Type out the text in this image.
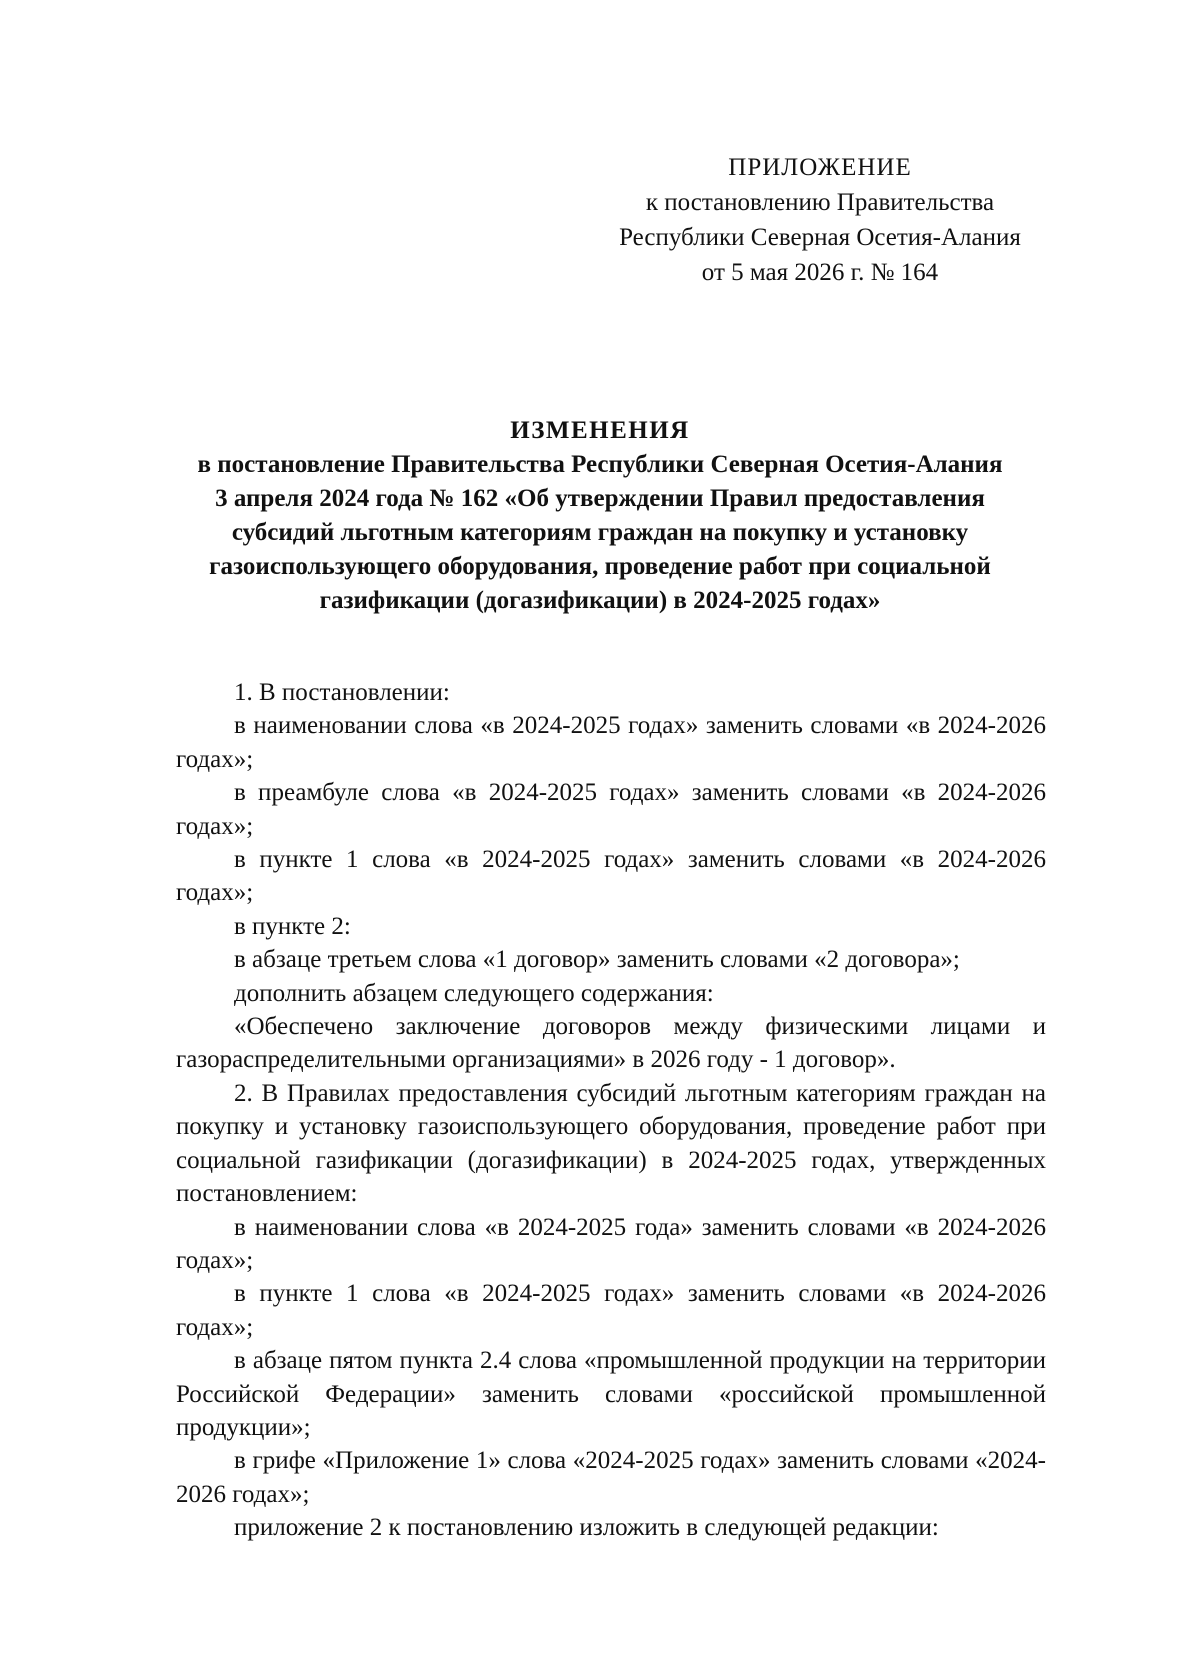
ПРИЛОЖЕНИЕ
к постановлению Правительства
Республики Северная Осетия-Алания
от 5 мая 2026 г. № 164
ИЗМЕНЕНИЯ
в постановление Правительства Республики Северная Осетия-Алания
3 апреля 2024 года № 162 «Об утверждении Правил предоставления
субсидий льготным категориям граждан на покупку и установку
газоиспользующего оборудования, проведение работ при социальной
газификации (догазификации) в 2024-2025 годах»

1. В постановлении:

в наименовании слова «в 2024-2025 годах» заменить словами «в 2024-2026 годах»;

в преамбуле слова «в 2024-2025 годах» заменить словами «в 2024-2026 годах»;

в пункте 1 слова «в 2024-2025 годах» заменить словами «в 2024-2026 годах»;

в пункте 2:

в абзаце третьем слова «1 договор» заменить словами «2 договора»;

дополнить абзацем следующего содержания:

«Обеспечено заключение договоров между физическими лицами и газораспределительными организациями» в 2026 году - 1 договор».

2. В Правилах предоставления субсидий льготным категориям граждан на покупку и установку газоиспользующего оборудования, проведение работ при социальной газификации (догазификации) в 2024-2025 годах, утвержденных постановлением:

в наименовании слова «в 2024-2025 года» заменить словами «в 2024-2026 годах»;

в пункте 1 слова «в 2024-2025 годах» заменить словами «в 2024-2026 годах»;

в абзаце пятом пункта 2.4 слова «промышленной продукции на территории Российской Федерации» заменить словами «российской промышленной продукции»;

в грифе «Приложение 1» слова «2024-2025 годах» заменить словами «2024-2026 годах»;

приложение 2 к постановлению изложить в следующей редакции:
